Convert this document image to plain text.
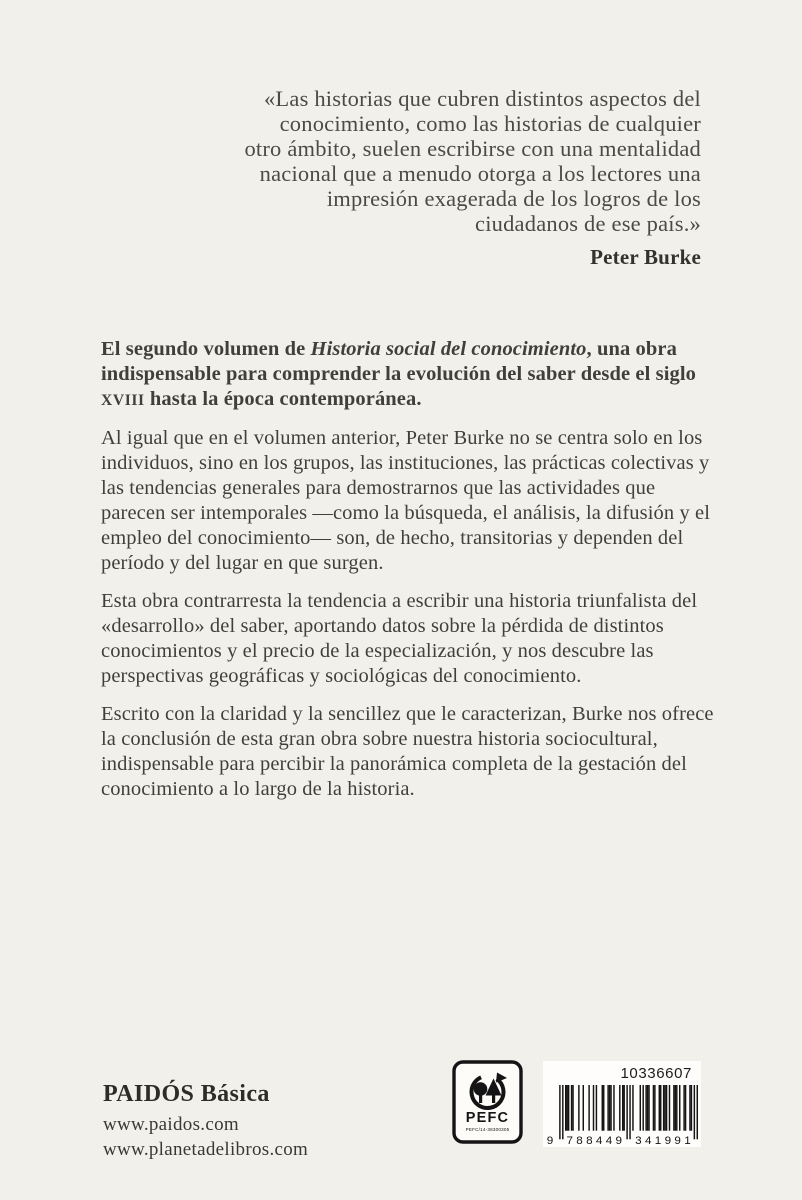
«Las historias que cubren distintos aspectos del
conocimiento, como las historias de cualquier
otro ámbito, suelen escribirse con una mentalidad
nacional que a menudo otorga a los lectores una
impresión exagerada de los logros de los
ciudadanos de ese país.»
Peter Burke

El segundo volumen de Historia social del conocimiento, una obra indispensable para comprender la evolución del saber desde el siglo XVIII hasta la época contemporánea.

Al igual que en el volumen anterior, Peter Burke no se centra solo en los individuos, sino en los grupos, las instituciones, las prácticas colectivas y las tendencias generales para demostrarnos que las actividades que parecen ser intemporales —como la búsqueda, el análisis, la difusión y el empleo del conocimiento— son, de hecho, transitorias y dependen del período y del lugar en que surgen.

Esta obra contrarresta la tendencia a escribir una historia triunfalista del «desarrollo» del saber, aportando datos sobre la pérdida de distintos conocimientos y el precio de la especialización, y nos descubre las perspectivas geográficas y sociológicas del conocimiento.

Escrito con la claridad y la sencillez que le caracterizan, Burke nos ofrece la conclusión de esta gran obra sobre nuestra historia sociocultural, indispensable para percibir la panorámica completa de la gestación del conocimiento a lo largo de la historia.

PAIDÓS Básica
www.paidos.com
www.planetadelibros.com
PEFC
PEFC/14-38300305
10336607
9 788449 341991
